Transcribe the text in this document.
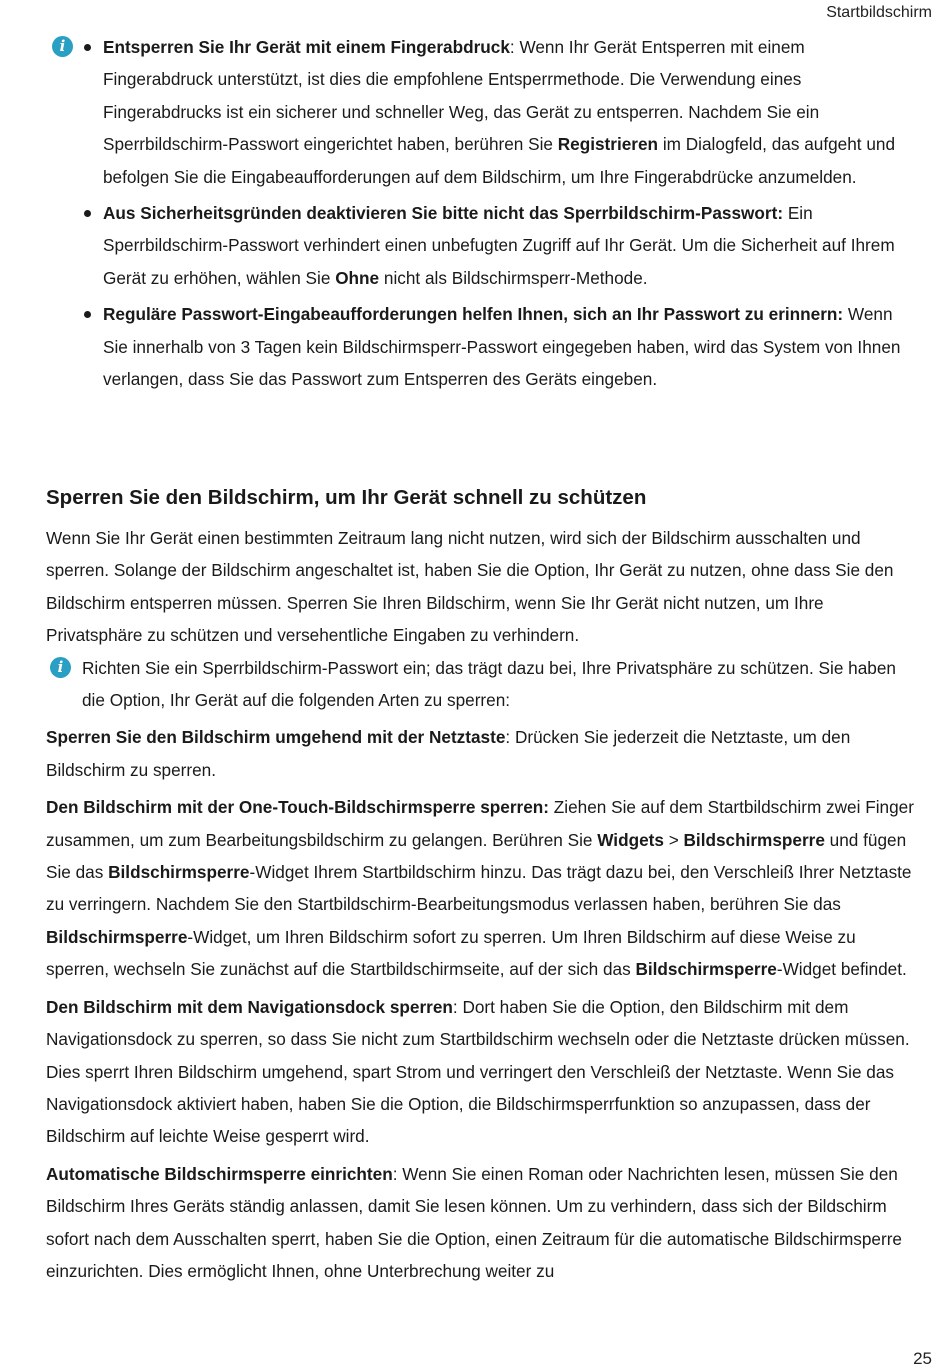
Startbildschirm
i	Entsperren Sie Ihr Gerät mit einem Fingerabdruck: Wenn Ihr Gerät Entsperren mit einem Fingerabdruck unterstützt, ist dies die empfohlene Entsperrmethode. Die Verwendung eines Fingerabdrucks ist ein sicherer und schneller Weg, das Gerät zu entsperren. Nachdem Sie ein Sperrbildschirm-Passwort eingerichtet haben, berühren Sie Registrieren im Dialogfeld, das aufgeht und befolgen Sie die Eingabeaufforderungen auf dem Bildschirm, um Ihre Fingerabdrücke anzumelden.
Aus Sicherheitsgründen deaktivieren Sie bitte nicht das Sperrbildschirm-Passwort: Ein Sperrbildschirm-Passwort verhindert einen unbefugten Zugriff auf Ihr Gerät. Um die Sicherheit auf Ihrem Gerät zu erhöhen, wählen Sie Ohne nicht als Bildschirmsperr-Methode.
Reguläre Passwort-Eingabeaufforderungen helfen Ihnen, sich an Ihr Passwort zu erinnern: Wenn Sie innerhalb von 3 Tagen kein Bildschirmsperr-Passwort eingegeben haben, wird das System von Ihnen verlangen, dass Sie das Passwort zum Entsperren des Geräts eingeben.
Sperren Sie den Bildschirm, um Ihr Gerät schnell zu schützen

Wenn Sie Ihr Gerät einen bestimmten Zeitraum lang nicht nutzen, wird sich der Bildschirm ausschalten und sperren. Solange der Bildschirm angeschaltet ist, haben Sie die Option, Ihr Gerät zu nutzen, ohne dass Sie den Bildschirm entsperren müssen. Sperren Sie Ihren Bildschirm, wenn Sie Ihr Gerät nicht nutzen, um Ihre Privatsphäre zu schützen und versehentliche Eingaben zu verhindern.

i	Richten Sie ein Sperrbildschirm-Passwort ein; das trägt dazu bei, Ihre Privatsphäre zu schützen. Sie haben die Option, Ihr Gerät auf die folgenden Arten zu sperren:

Sperren Sie den Bildschirm umgehend mit der Netztaste: Drücken Sie jederzeit die Netztaste, um den Bildschirm zu sperren.

Den Bildschirm mit der One-Touch-Bildschirmsperre sperren: Ziehen Sie auf dem Startbildschirm zwei Finger zusammen, um zum Bearbeitungsbildschirm zu gelangen. Berühren Sie Widgets > Bildschirmsperre und fügen Sie das Bildschirmsperre-Widget Ihrem Startbildschirm hinzu. Das trägt dazu bei, den Verschleiß Ihrer Netztaste zu verringern. Nachdem Sie den Startbildschirm-Bearbeitungsmodus verlassen haben, berühren Sie das Bildschirmsperre-Widget, um Ihren Bildschirm sofort zu sperren. Um Ihren Bildschirm auf diese Weise zu sperren, wechseln Sie zunächst auf die Startbildschirmseite, auf der sich das Bildschirmsperre-Widget befindet.

Den Bildschirm mit dem Navigationsdock sperren: Dort haben Sie die Option, den Bildschirm mit dem Navigationsdock zu sperren, so dass Sie nicht zum Startbildschirm wechseln oder die Netztaste drücken müssen. Dies sperrt Ihren Bildschirm umgehend, spart Strom und verringert den Verschleiß der Netztaste. Wenn Sie das Navigationsdock aktiviert haben, haben Sie die Option, die Bildschirmsperrfunktion so anzupassen, dass der Bildschirm auf leichte Weise gesperrt wird.

Automatische Bildschirmsperre einrichten: Wenn Sie einen Roman oder Nachrichten lesen, müssen Sie den Bildschirm Ihres Geräts ständig anlassen, damit Sie lesen können. Um zu verhindern, dass sich der Bildschirm sofort nach dem Ausschalten sperrt, haben Sie die Option, einen Zeitraum für die automatische Bildschirmsperre einzurichten. Dies ermöglicht Ihnen, ohne Unterbrechung weiter zu

25
